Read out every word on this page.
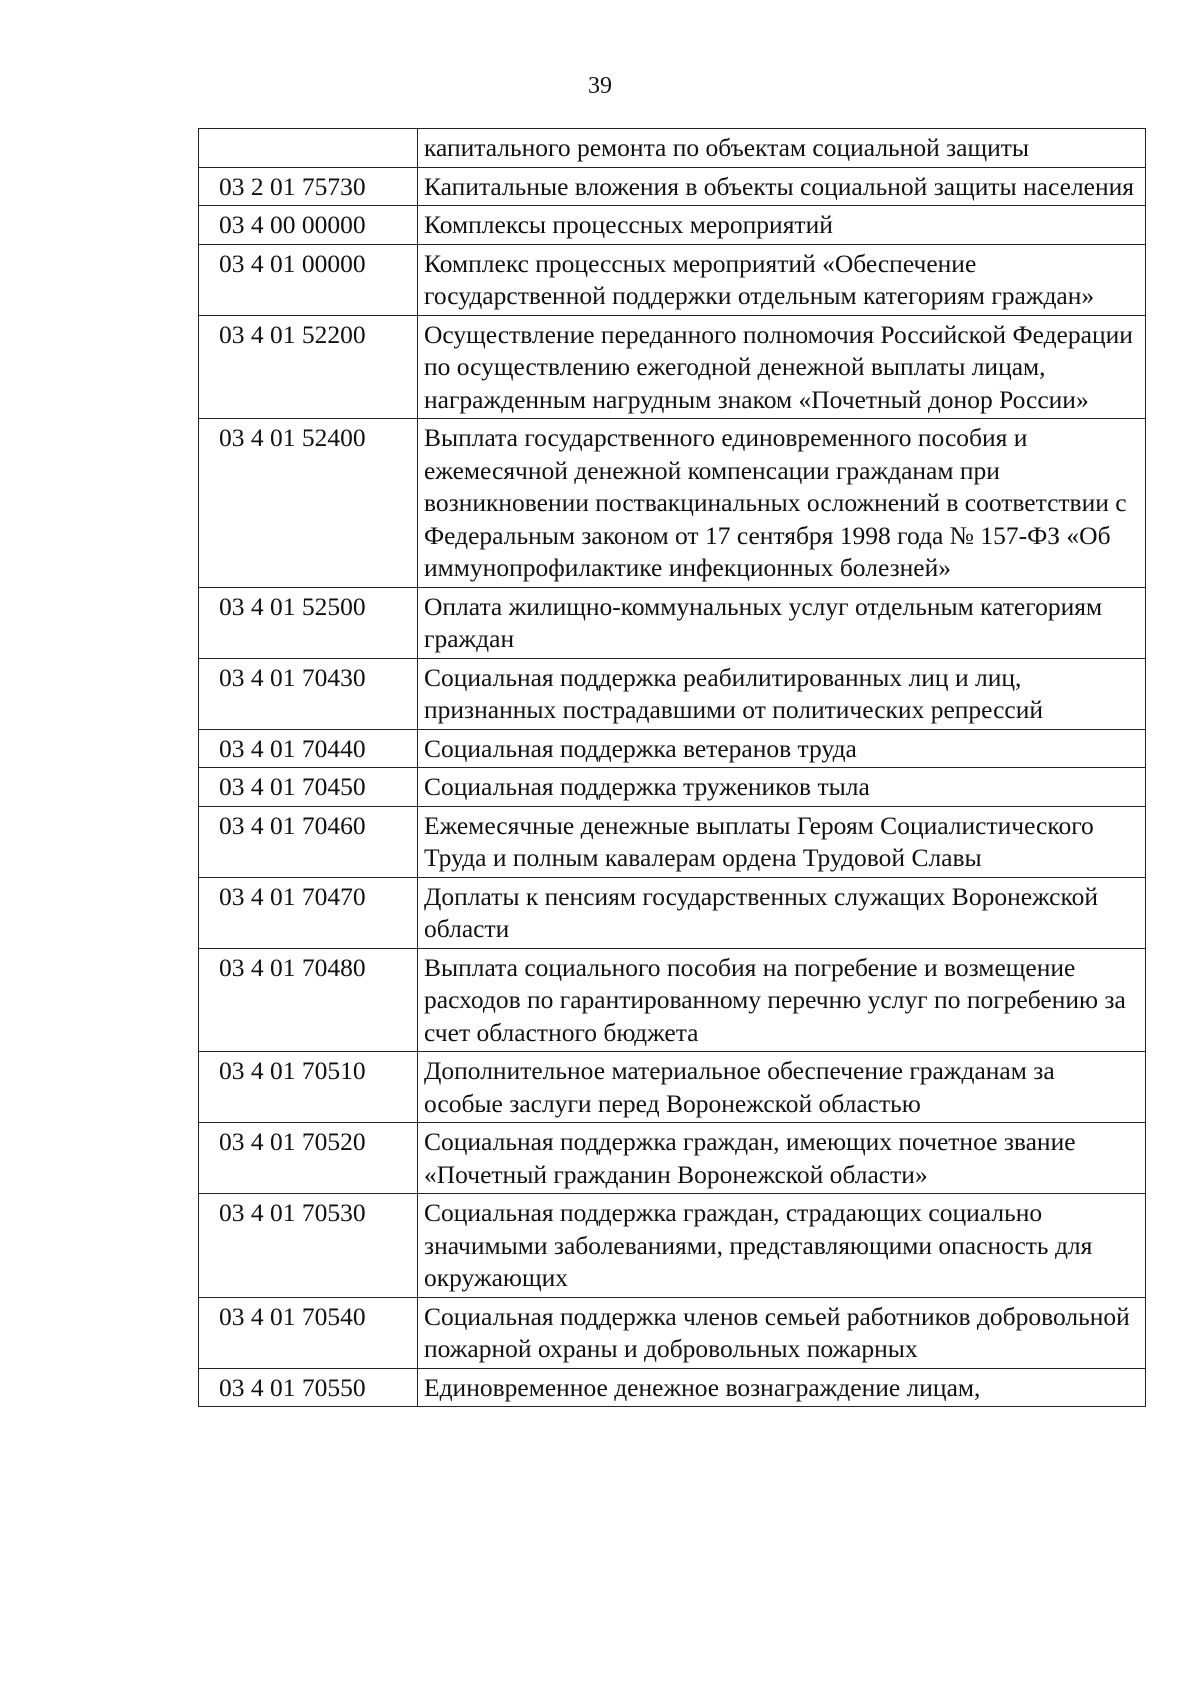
39
	капитального ремонта по объектам социальной защиты
03 2 01 75730	Капитальные вложения в объекты социальной защиты населения
03 4 00 00000	Комплексы процессных мероприятий
03 4 01 00000	Комплекс процессных мероприятий «Обеспечение государственной поддержки отдельным категориям граждан»
03 4 01 52200	Осуществление переданного полномочия Российской Федерации по осуществлению ежегодной денежной выплаты лицам, награжденным нагрудным знаком «Почетный донор России»
03 4 01 52400	Выплата государственного единовременного пособия и ежемесячной денежной компенсации гражданам при возникновении поствакцинальных осложнений в соответствии с Федеральным законом от 17 сентября 1998 года № 157-ФЗ «Об иммунопрофилактике инфекционных болезней»
03 4 01 52500	Оплата жилищно-коммунальных услуг отдельным категориям граждан
03 4 01 70430	Социальная поддержка реабилитированных лиц и лиц, признанных пострадавшими от политических репрессий
03 4 01 70440	Социальная поддержка ветеранов труда
03 4 01 70450	Социальная поддержка тружеников тыла
03 4 01 70460	Ежемесячные денежные выплаты Героям Социалистического Труда и полным кавалерам ордена Трудовой Славы
03 4 01 70470	Доплаты к пенсиям государственных служащих Воронежской области
03 4 01 70480	Выплата социального пособия на погребение и возмещение расходов по гарантированному перечню услуг по погребению за счет областного бюджета
03 4 01 70510	Дополнительное материальное обеспечение гражданам за особые заслуги перед Воронежской областью
03 4 01 70520	Социальная поддержка граждан, имеющих почетное звание «Почетный гражданин Воронежской области»
03 4 01 70530	Социальная поддержка граждан, страдающих социально значимыми заболеваниями, представляющими опасность для окружающих
03 4 01 70540	Социальная поддержка членов семьей работников добровольной пожарной охраны и добровольных пожарных
03 4 01 70550	Единовременное денежное вознаграждение лицам,
